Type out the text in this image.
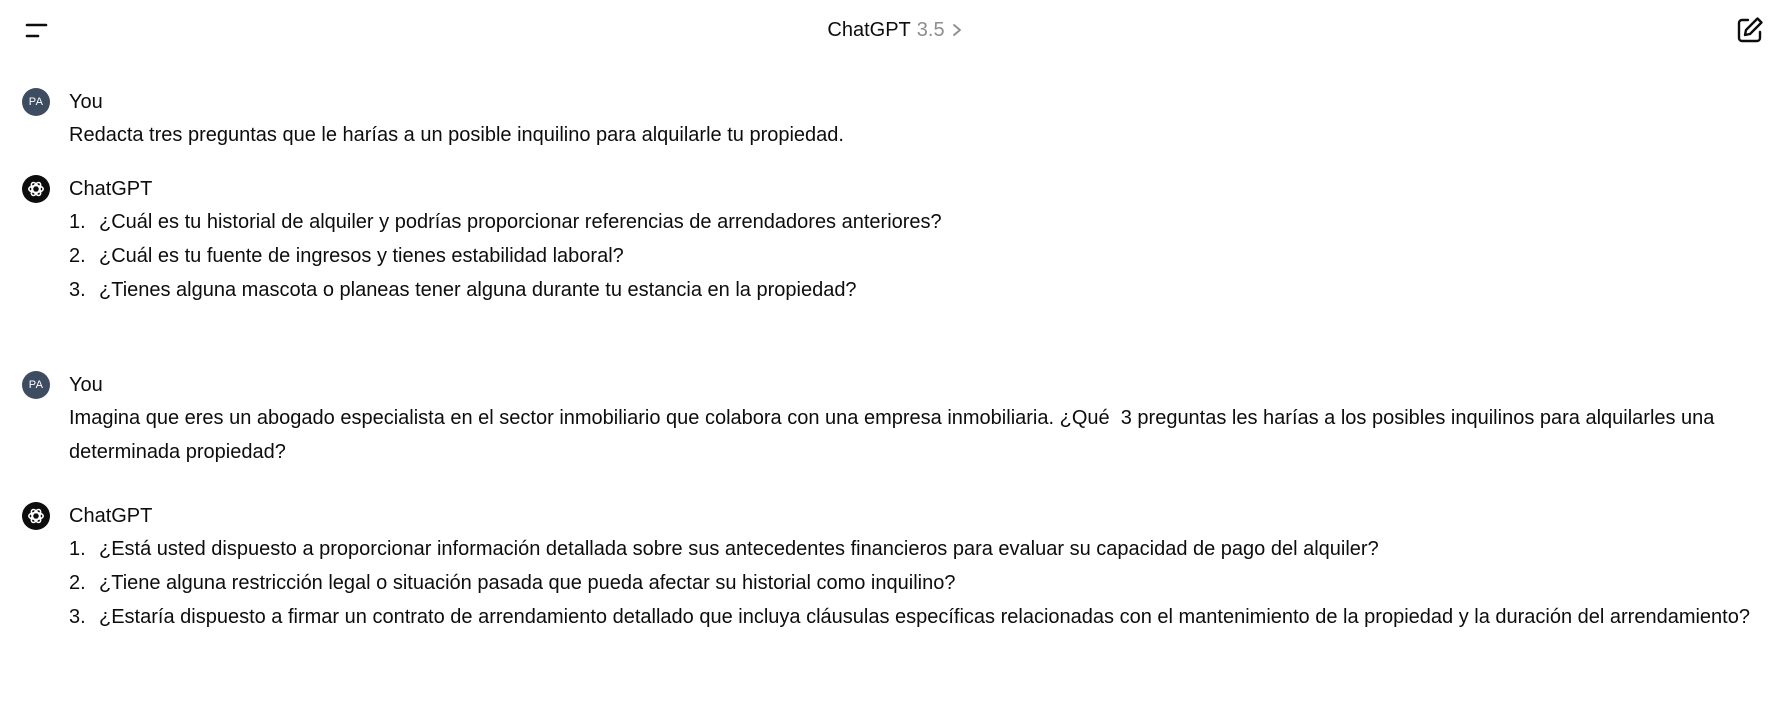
ChatGPT 3.5
PA You

Redacta tres preguntas que le harías a un posible inquilino para alquilarle tu propiedad.

ChatGPT
1. ¿Cuál es tu historial de alquiler y podrías proporcionar referencias de arrendadores anteriores?
2. ¿Cuál es tu fuente de ingresos y tienes estabilidad laboral?
3. ¿Tienes alguna mascota o planeas tener alguna durante tu estancia en la propiedad?
PA You

Imagina que eres un abogado especialista en el sector inmobiliario que colabora con una empresa inmobiliaria. ¿Qué  3 preguntas les harías a los posibles inquilinos para alquilarles una determinada propiedad?

ChatGPT
1. ¿Está usted dispuesto a proporcionar información detallada sobre sus antecedentes financieros para evaluar su capacidad de pago del alquiler?
2. ¿Tiene alguna restricción legal o situación pasada que pueda afectar su historial como inquilino?
3. ¿Estaría dispuesto a firmar un contrato de arrendamiento detallado que incluya cláusulas específicas relacionadas con el mantenimiento de la propiedad y la duración del arrendamiento?
